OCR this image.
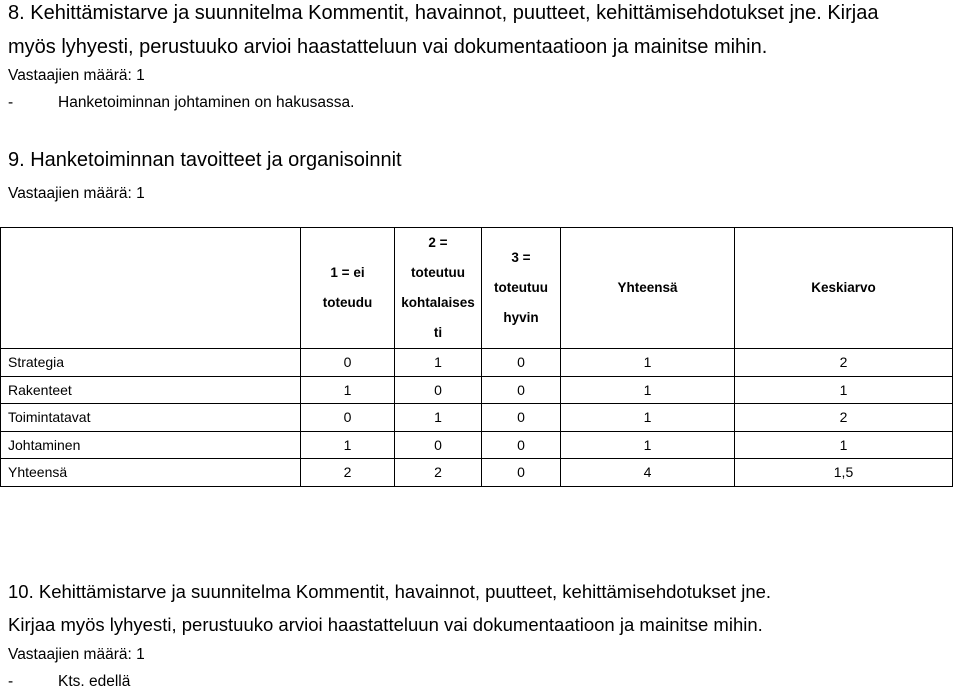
8. Kehittämistarve ja suunnitelma Kommentit, havainnot, puutteet, kehittämisehdotukset jne. Kirjaa
myös lyhyesti, perustuuko arvioi haastatteluun vai dokumentaatioon ja mainitse mihin.
Vastaajien määrä: 1
-	Hanketoiminnan johtaminen on hakusassa.
9. Hanketoiminnan tavoitteet ja organisoinnit
Vastaajien määrä: 1

	1 = ei
toteudu	2 =
toteutuu
kohtalaises
ti	3 =
toteutuu
hyvin	Yhteensä	Keskiarvo

Strategia	0	1	0	1	2
Rakenteet	1	0	0	1	1
Toimintatavat	0	1	0	1	2
Johtaminen	1	0	0	1	1
Yhteensä	2	2	0	4	1,5
10. Kehittämistarve ja suunnitelma Kommentit, havainnot, puutteet, kehittämisehdotukset jne.
Kirjaa myös lyhyesti, perustuuko arvioi haastatteluun vai dokumentaatioon ja mainitse mihin.
Vastaajien määrä: 1
-	Kts. edellä
